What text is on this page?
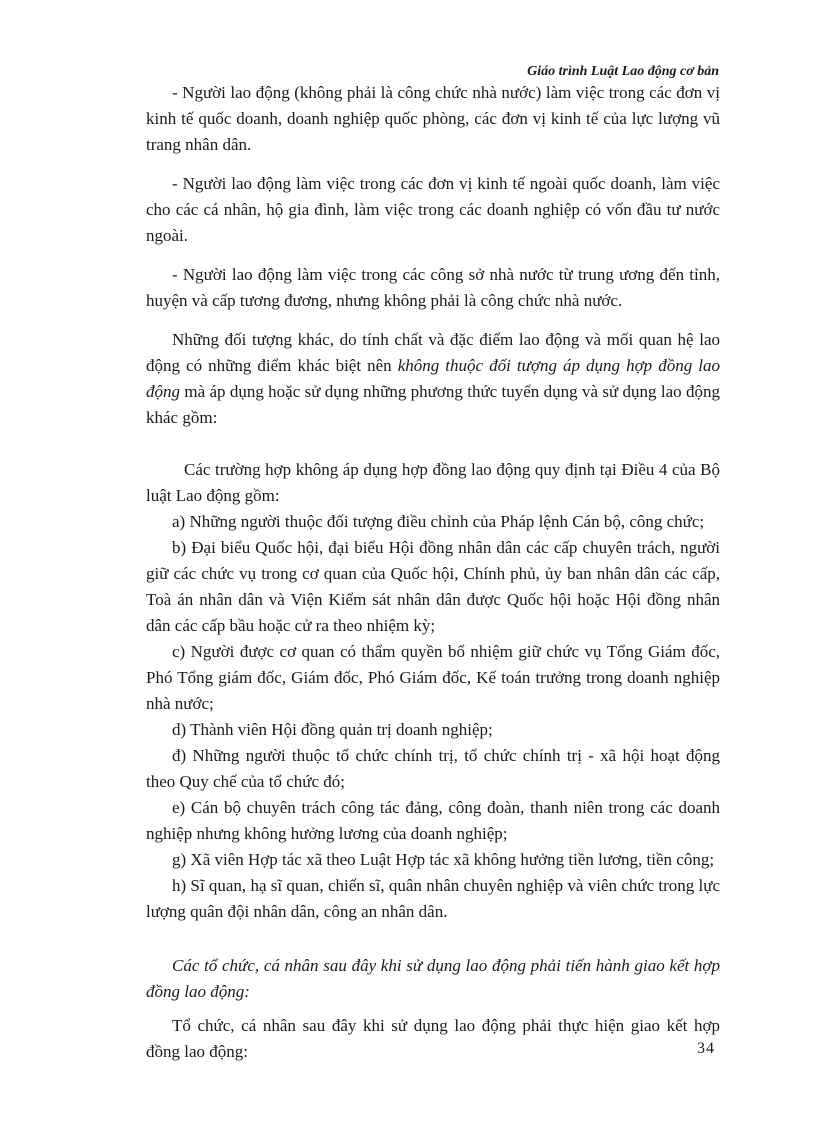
Giáo trình Luật Lao động cơ bản

- Người lao động (không phải là công chức nhà nước) làm việc trong các đơn vị kinh tế quốc doanh, doanh nghiệp quốc phòng, các đơn vị kinh tế của lực lượng vũ trang nhân dân.

- Người lao động làm việc trong các đơn vị kinh tế ngoài quốc doanh, làm việc cho các cá nhân, hộ gia đình, làm việc trong các doanh nghiệp có vốn đầu tư nước ngoài.

- Người lao động làm việc trong các công sở nhà nước từ trung ương đến tỉnh, huyện và cấp tương đương, nhưng không phải là công chức nhà nước.

Những đối tượng khác, do tính chất và đặc điểm lao động và mối quan hệ lao động có những điểm khác biệt nên không thuộc đối tượng áp dụng hợp đồng lao động mà áp dụng hoặc sử dụng những phương thức tuyển dụng và sử dụng lao động khác gồm:

Các trường hợp không áp dụng hợp đồng lao động quy định tại Điều 4 của Bộ luật Lao động gồm:

a) Những người thuộc đối tượng điều chỉnh của Pháp lệnh Cán bộ, công chức;

b) Đại biểu Quốc hội, đại biểu Hội đồng nhân dân các cấp chuyên trách, người giữ các chức vụ trong cơ quan của Quốc hội, Chính phủ, ủy ban nhân dân các cấp, Toà án nhân dân và Viện Kiểm sát nhân dân được Quốc hội hoặc Hội đồng nhân dân các cấp bầu hoặc cử ra theo nhiệm kỳ;

c) Người được cơ quan có thẩm quyền bổ nhiệm giữ chức vụ Tổng Giám đốc, Phó Tổng giám đốc, Giám đốc, Phó Giám đốc, Kế toán trưởng trong doanh nghiệp nhà nước;

d) Thành viên Hội đồng quản trị doanh nghiệp;

đ) Những người thuộc tổ chức chính trị, tổ chức chính trị - xã hội hoạt động theo Quy chế của tổ chức đó;

e) Cán bộ chuyên trách công tác đảng, công đoàn, thanh niên trong các doanh nghiệp nhưng không hưởng lương của doanh nghiệp;

g) Xã viên Hợp tác xã theo Luật Hợp tác xã không hưởng tiền lương, tiền công;

h) Sĩ quan, hạ sĩ quan, chiến sĩ, quân nhân chuyên nghiệp và viên chức trong lực lượng quân đội nhân dân, công an nhân dân.

Các tổ chức, cá nhân sau đây khi sử dụng lao động phải tiến hành giao kết hợp đồng lao động:

Tổ chức, cá nhân sau đây khi sử dụng lao động phải thực hiện giao kết hợp đồng lao động:	34
